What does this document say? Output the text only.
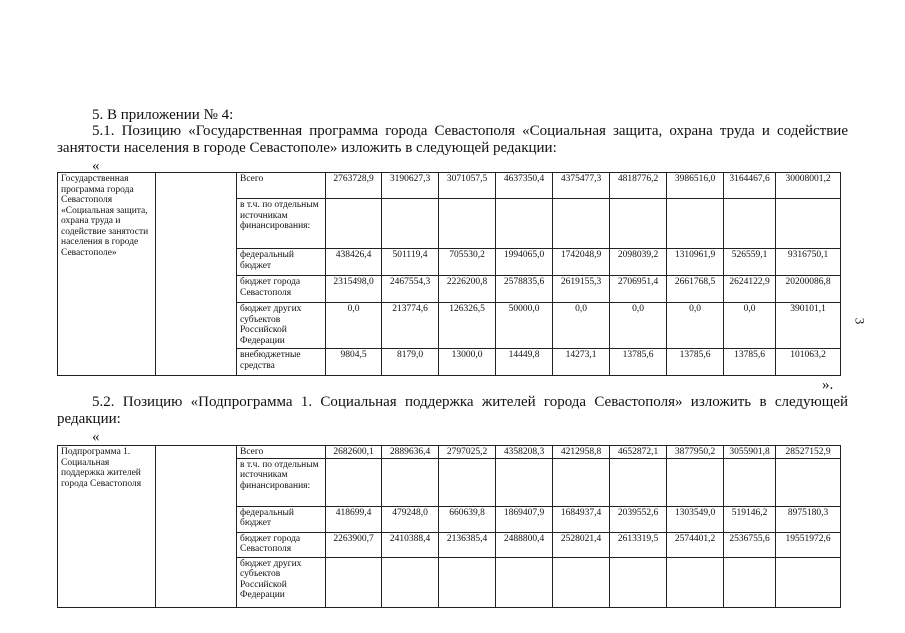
5. В приложении № 4:
5.1. Позицию «Государственная программа города Севастополя «Социальная защита, охрана труда и содействие
занятости населения в городе Севастополе» изложить в следующей редакции:
«
Государственная программа города Севастополя «Социальная защита, охрана труда и содействие занятости населения в городе Севастополе»		Всего	2763728,9	3190627,3	3071057,5	4637350,4	4375477,3	4818776,2	3986516,0	3164467,6	30008001,2
		в т.ч. по отдельным источникам финансирования:									
		федеральный бюджет	438426,4	501119,4	705530,2	1994065,0	1742048,9	2098039,2	1310961,9	526559,1	9316750,1
		бюджет города Севастополя	2315498,0	2467554,3	2226200,8	2578835,6	2619155,3	2706951,4	2661768,5	2624122,9	20200086,8
		бюджет других субъектов Российской Федерации	0,0	213774,6	126326,5	50000,0	0,0	0,0	0,0	0,0	390101,1
		внебюджетные средства	9804,5	8179,0	13000,0	14449,8	14273,1	13785,6	13785,6	13785,6	101063,2
».
5.2. Позицию «Подпрограмма 1. Социальная поддержка жителей города Севастополя» изложить в следующей
редакции:
«
Подпрограмма 1. Социальная поддержка жителей города Севастополя		Всего	2682600,1	2889636,4	2797025,2	4358208,3	4212958,8	4652872,1	3877950,2	3055901,8	28527152,9
		в т.ч. по отдельным источникам финансирования:									
		федеральный бюджет	418699,4	479248,0	660639,8	1869407,9	1684937,4	2039552,6	1303549,0	519146,2	8975180,3
		бюджет города Севастополя	2263900,7	2410388,4	2136385,4	2488800,4	2528021,4	2613319,5	2574401,2	2536755,6	19551972,6
		бюджет других субъектов Российской Федерации									
3
